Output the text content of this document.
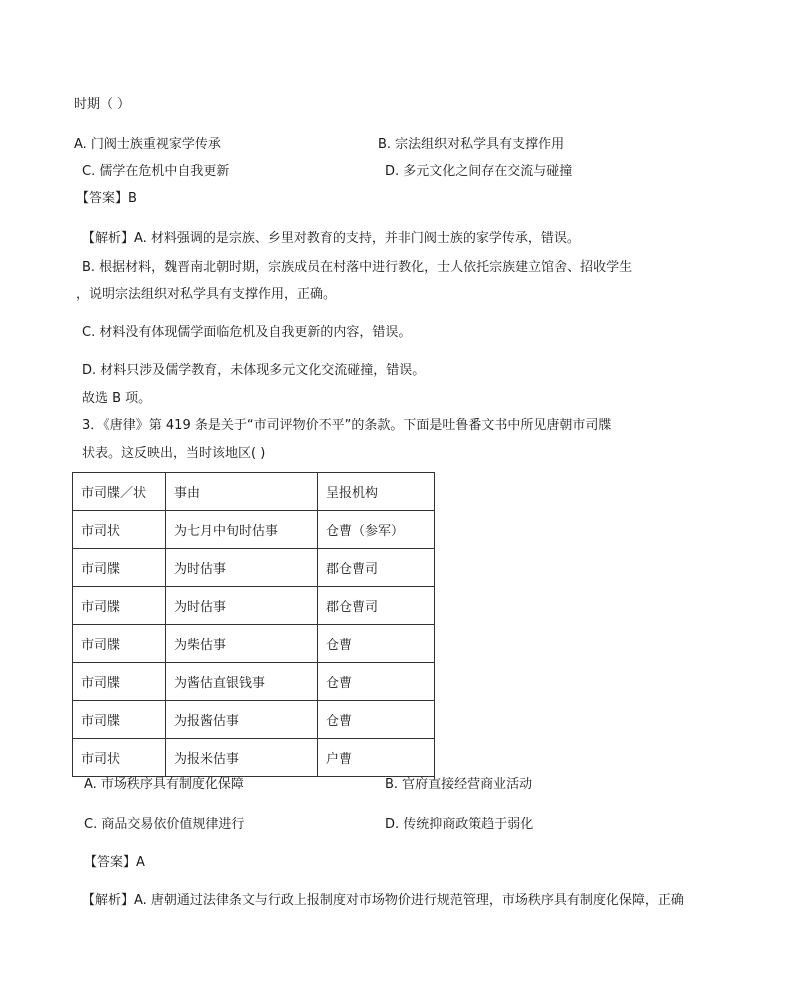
时期（ ）
A. 门阀士族重视家学传承	B. 宗法组织对私学具有支撑作用
C. 儒学在危机中自我更新	D. 多元文化之间存在交流与碰撞
【答案】B
【解析】A. 材料强调的是宗族、乡里对教育的支持，并非门阀士族的家学传承，错误。
B. 根据材料，魏晋南北朝时期，宗族成员在村落中进行教化，士人依托宗族建立馆舍、招收学生
，说明宗法组织对私学具有支撑作用，正确。
C. 材料没有体现儒学面临危机及自我更新的内容，错误。
D. 材料只涉及儒学教育，未体现多元文化交流碰撞，错误。
故选 B 项。
3．《唐律》第 419 条是关于“市司评物价不平”的条款。下面是吐鲁番文书中所见唐朝市司牒
状表。这反映出，当时该地区( )
市司牒／状	事由	呈报机构
市司状	为七月中旬时估事	仓曹（参军）
市司牒	为时估事	郡仓曹司
市司牒	为时估事	郡仓曹司
市司牒	为柴估事	仓曹
市司牒	为酱估直银钱事	仓曹
市司牒	为报酱估事	仓曹
市司状	为报米估事	户曹
A. 市场秩序具有制度化保障	B. 官府直接经营商业活动
C. 商品交易依价值规律进行	D. 传统抑商政策趋于弱化
【答案】A
【解析】A. 唐朝通过法律条文与行政上报制度对市场物价进行规范管理，市场秩序具有制度化保障，正确
